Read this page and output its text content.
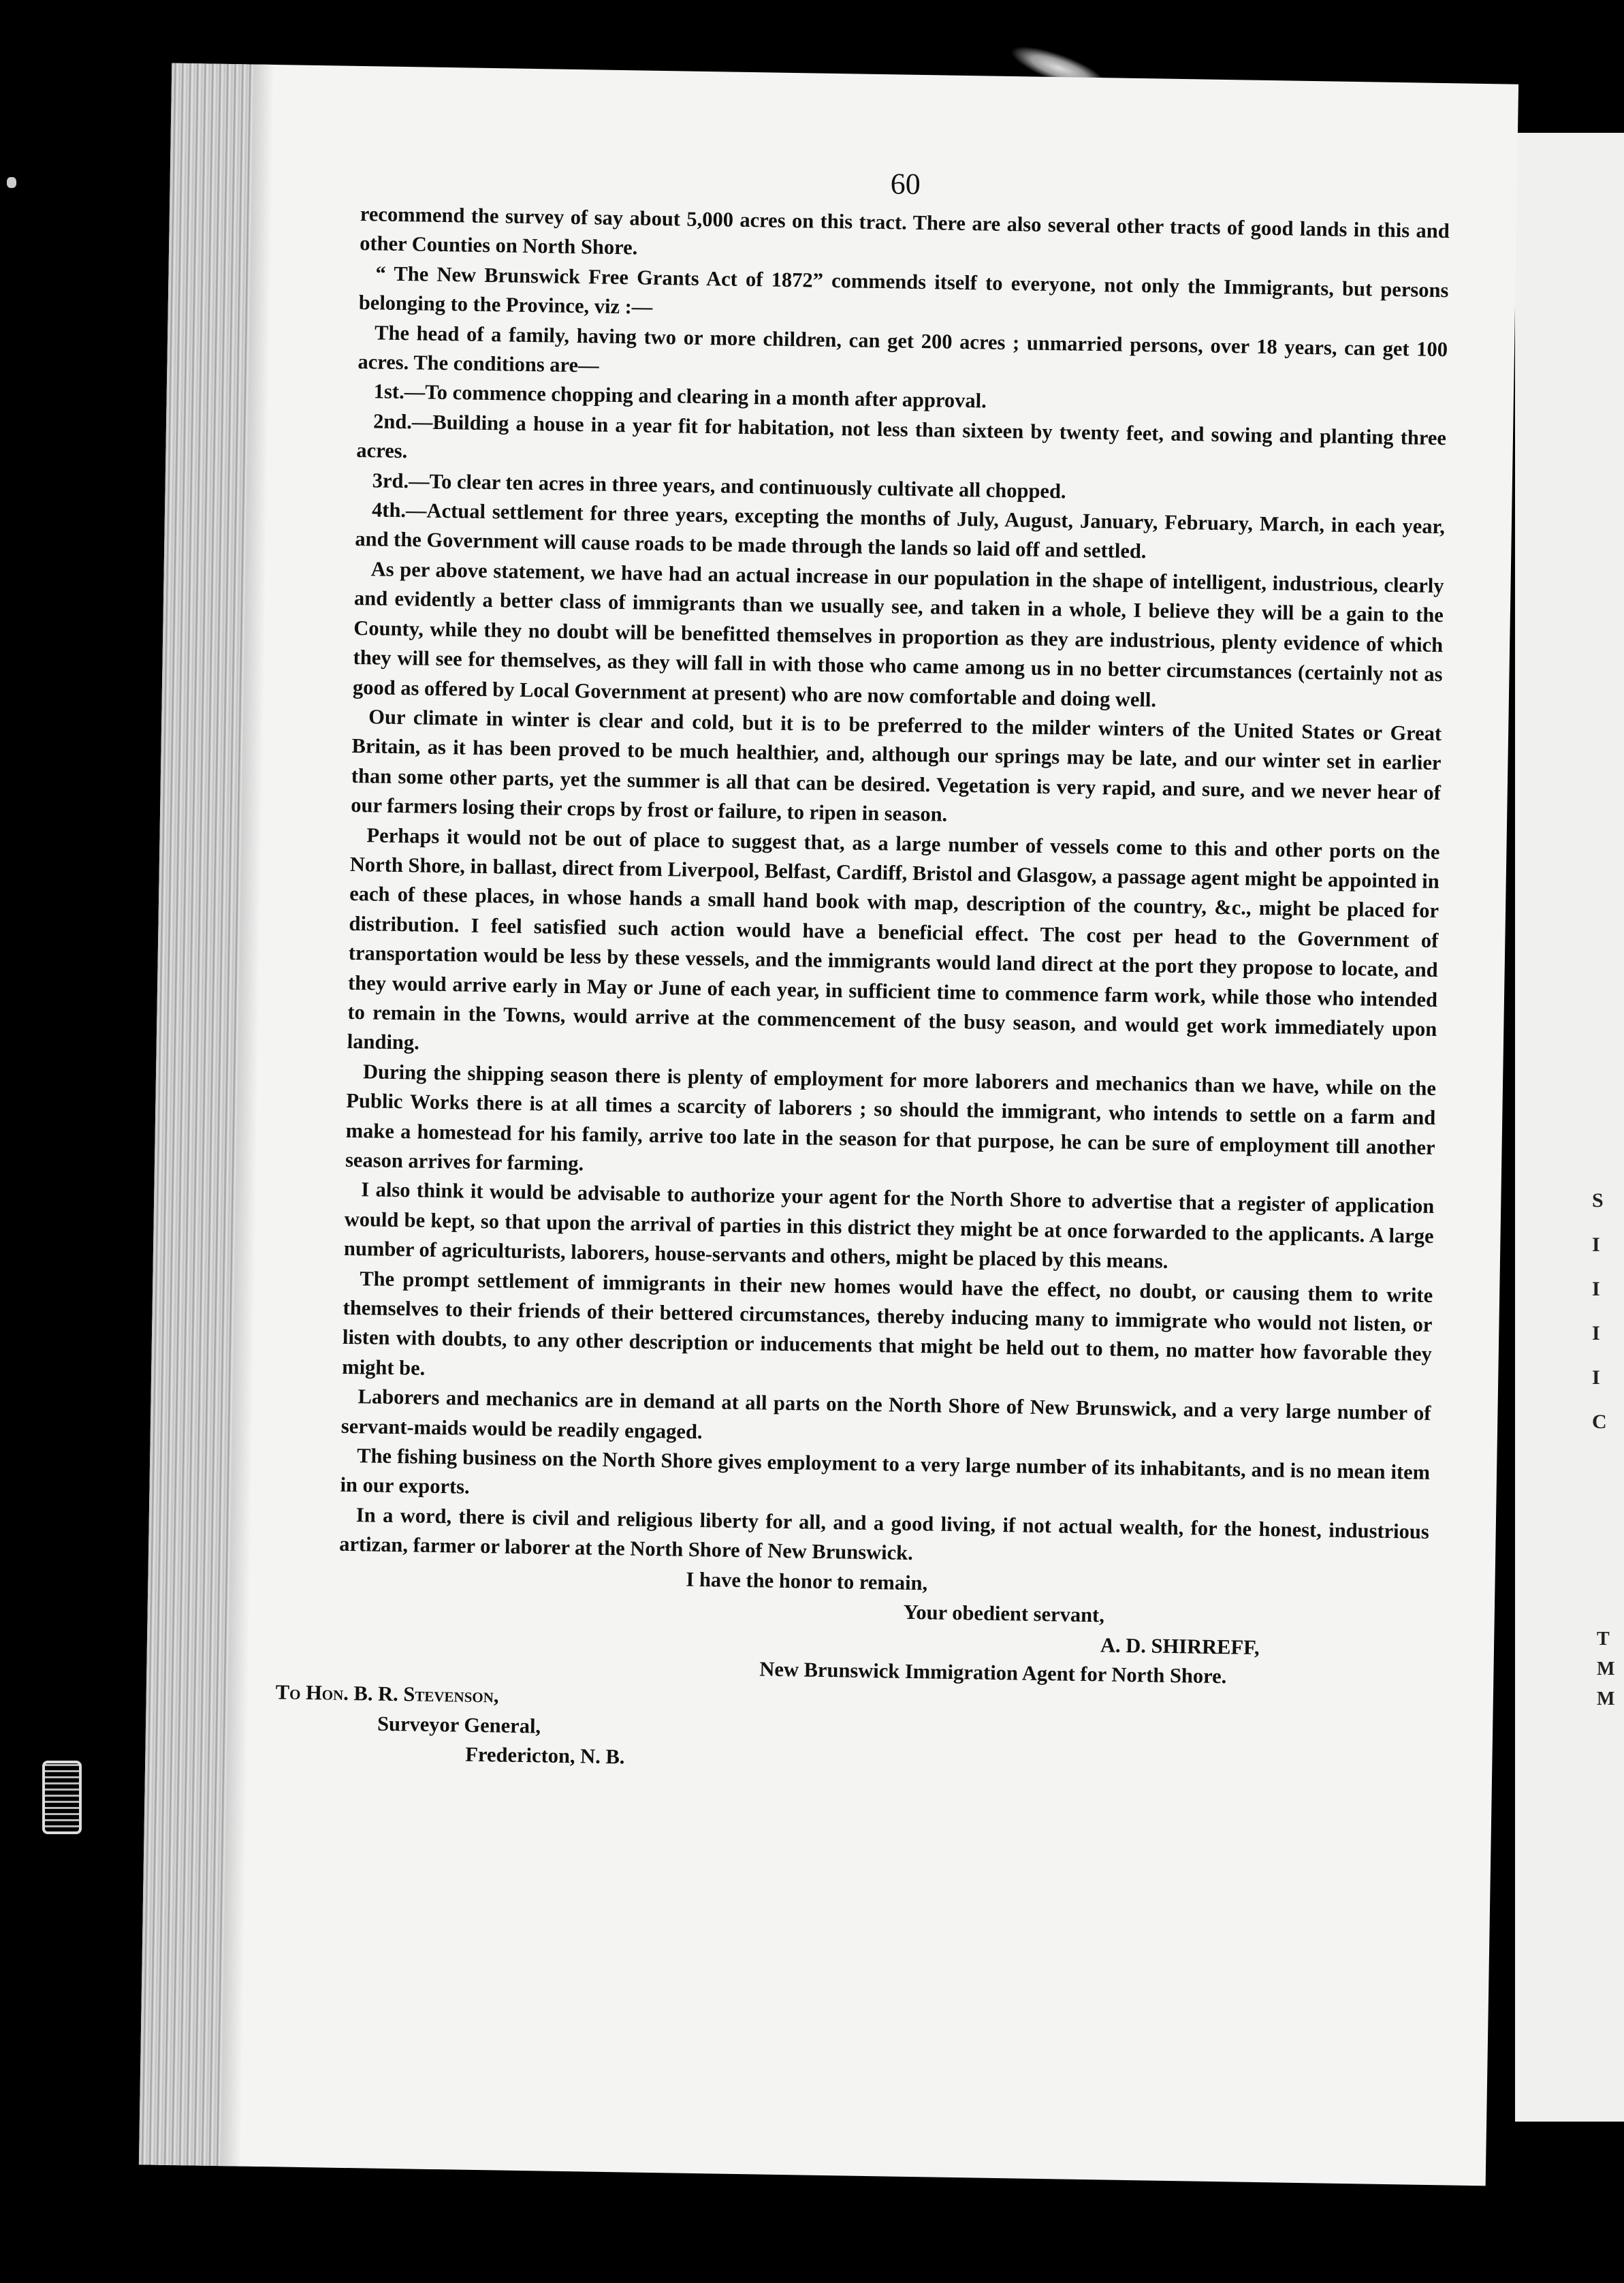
S
I
I
I
I
C
T
M
M
60

recommend the survey of say about 5,000 acres on this tract. There are also several other tracts of good lands in this and other Counties on North Shore.

“ The New Brunswick Free Grants Act of 1872” commends itself to everyone, not only the Immigrants, but persons belonging to the Province, viz :—

The head of a family, having two or more children, can get 200 acres ; unmarried persons, over 18 years, can get 100 acres. The conditions are—

1st.—To commence chopping and clearing in a month after approval.

2nd.—Building a house in a year fit for habitation, not less than sixteen by twenty feet, and sowing and planting three acres.

3rd.—To clear ten acres in three years, and continuously cultivate all chopped.

4th.—Actual settlement for three years, excepting the months of July, August, January, February, March, in each year, and the Government will cause roads to be made through the lands so laid off and settled.

As per above statement, we have had an actual increase in our population in the shape of intelligent, industrious, clearly and evidently a better class of immigrants than we usually see, and taken in a whole, I believe they will be a gain to the County, while they no doubt will be benefitted themselves in proportion as they are industrious, plenty evidence of which they will see for themselves, as they will fall in with those who came among us in no better circumstances (certainly not as good as offered by Local Government at present) who are now comfortable and doing well.

Our climate in winter is clear and cold, but it is to be preferred to the milder winters of the United States or Great Britain, as it has been proved to be much healthier, and, although our springs may be late, and our winter set in earlier than some other parts, yet the summer is all that can be desired. Vegetation is very rapid, and sure, and we never hear of our farmers losing their crops by frost or failure, to ripen in season.

Perhaps it would not be out of place to suggest that, as a large number of vessels come to this and other ports on the North Shore, in ballast, direct from Liverpool, Belfast, Cardiff, Bristol and Glasgow, a passage agent might be appointed in each of these places, in whose hands a small hand book with map, description of the country, &c., might be placed for distribution. I feel satisfied such action would have a beneficial effect. The cost per head to the Government of transportation would be less by these vessels, and the immigrants would land direct at the port they propose to locate, and they would arrive early in May or June of each year, in sufficient time to commence farm work, while those who intended to remain in the Towns, would arrive at the commencement of the busy season, and would get work immediately upon landing.

During the shipping season there is plenty of employment for more laborers and mechanics than we have, while on the Public Works there is at all times a scarcity of laborers ; so should the immigrant, who intends to settle on a farm and make a homestead for his family, arrive too late in the season for that purpose, he can be sure of employment till another season arrives for farming.

I also think it would be advisable to authorize your agent for the North Shore to advertise that a register of application would be kept, so that upon the arrival of parties in this district they might be at once forwarded to the applicants. A large number of agriculturists, laborers, house-servants and others, might be placed by this means.

The prompt settlement of immigrants in their new homes would have the effect, no doubt, or causing them to write themselves to their friends of their bettered circumstances, thereby inducing many to immigrate who would not listen, or listen with doubts, to any other description or inducements that might be held out to them, no matter how favorable they might be.

Laborers and mechanics are in demand at all parts on the North Shore of New Brunswick, and a very large number of servant-maids would be readily engaged.

The fishing business on the North Shore gives employment to a very large number of its inhabitants, and is no mean item in our exports.

In a word, there is civil and religious liberty for all, and a good living, if not actual wealth, for the honest, industrious artizan, farmer or laborer at the North Shore of New Brunswick.

I have the honor to remain,
Your obedient servant,
A. D. SHIRREFF,
New Brunswick Immigration Agent for North Shore.
To Hon. B. R. Stevenson,
Surveyor General,
Fredericton, N. B.
